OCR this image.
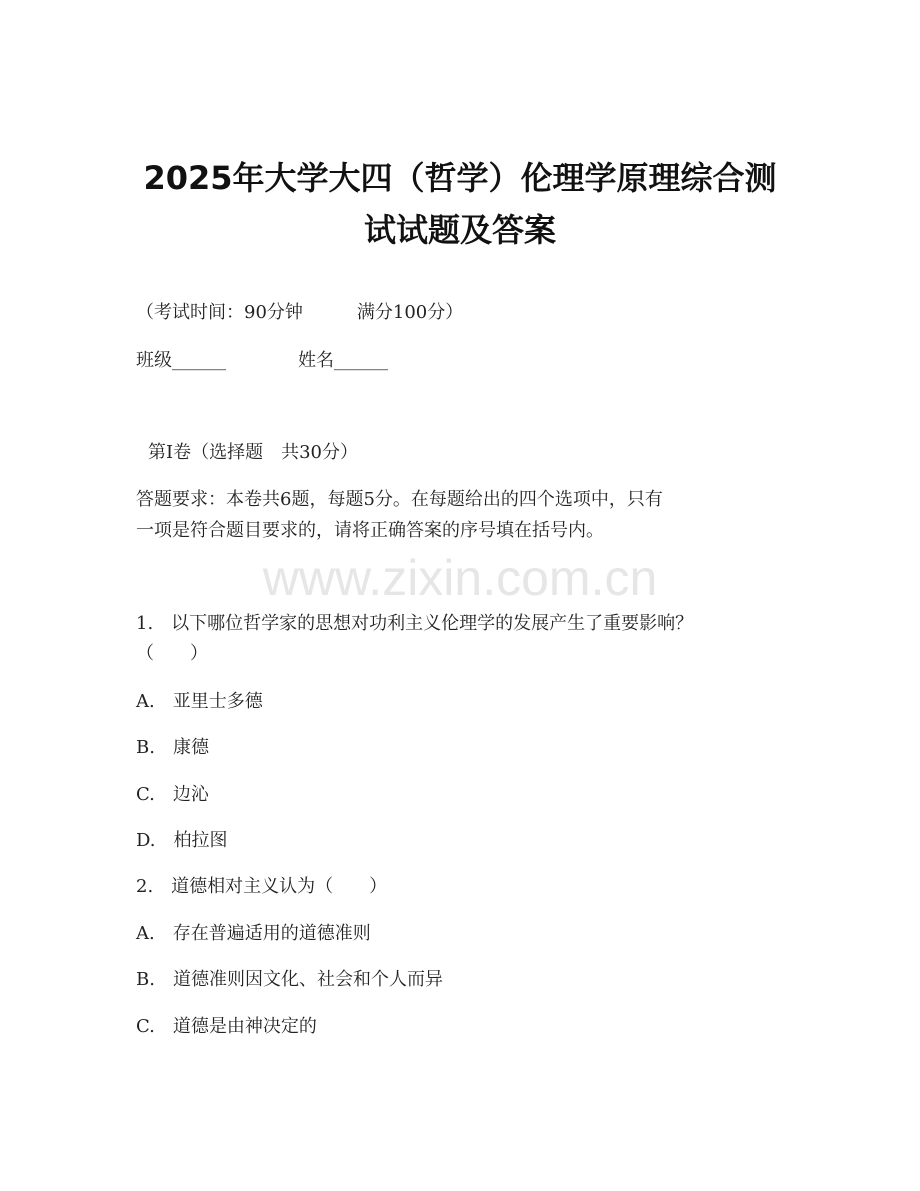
www.zixin.com.cn
2025年大学大四（哲学）伦理学原理综合测
试试题及答案
（考试时间：90分钟　　　满分100分）
班级______　　　　姓名______
第Ⅰ卷（选择题　共30分）
答题要求：本卷共6题，每题5分。在每题给出的四个选项中，只有
一项是符合题目要求的，请将正确答案的序号填在括号内。
1.　以下哪位哲学家的思想对功利主义伦理学的发展产生了重要影响？
（　　）
A.　亚里士多德
B.　康德
C.　边沁
D.　柏拉图
2.　道德相对主义认为（　　）
A.　存在普遍适用的道德准则
B.　道德准则因文化、社会和个人而异
C.　道德是由神决定的
